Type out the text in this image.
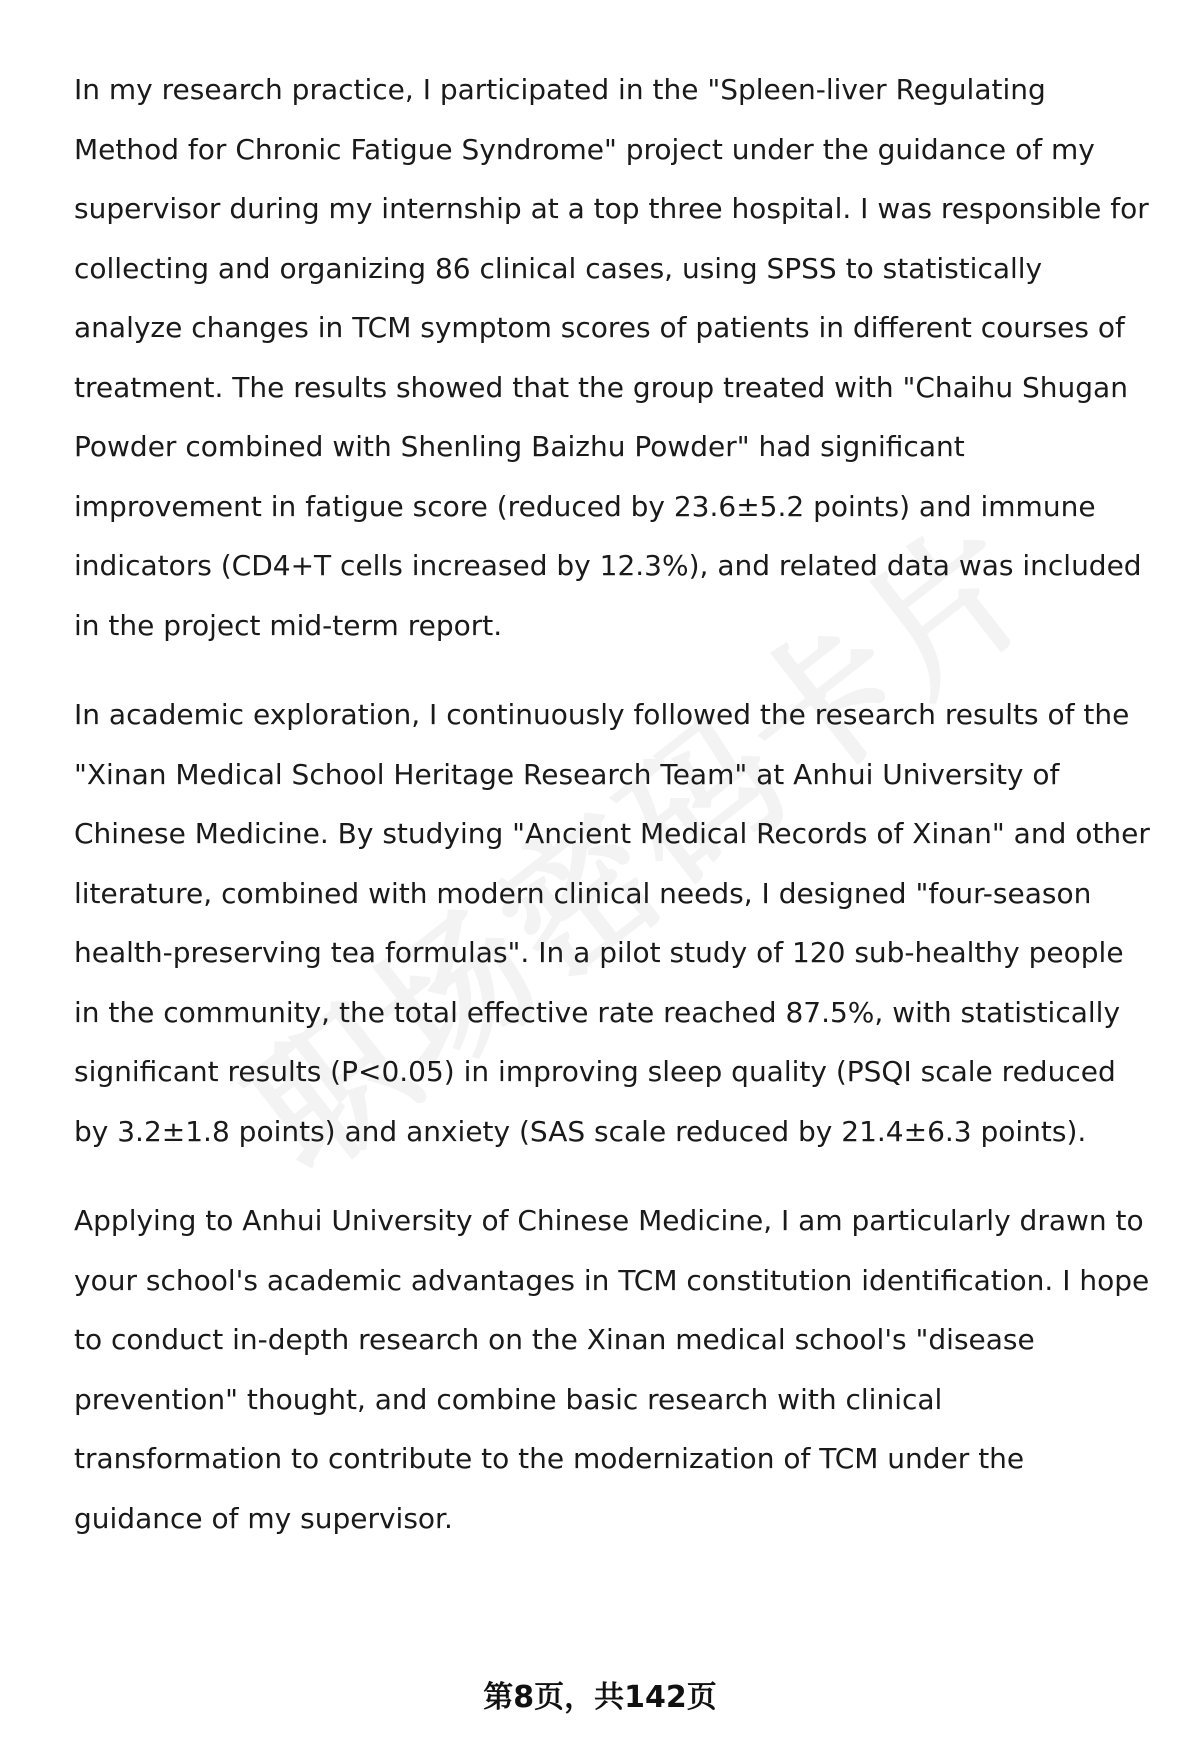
In my research practice, I participated in the "Spleen-liver Regulating Method for Chronic Fatigue Syndrome" project under the guidance of my supervisor during my internship at a top three hospital. I was responsible for collecting and organizing 86 clinical cases, using SPSS to statistically analyze changes in TCM symptom scores of patients in different courses of treatment. The results showed that the group treated with "Chaihu Shugan Powder combined with Shenling Baizhu Powder" had significant improvement in fatigue score (reduced by 23.6±5.2 points) and immune indicators (CD4+T cells increased by 12.3%), and related data was included in the project mid-term report.

In academic exploration, I continuously followed the research results of the "Xinan Medical School Heritage Research Team" at Anhui University of Chinese Medicine. By studying "Ancient Medical Records of Xinan" and other literature, combined with modern clinical needs, I designed "four-season health-preserving tea formulas". In a pilot study of 120 sub-healthy people in the community, the total effective rate reached 87.5%, with statistically significant results (P<0.05) in improving sleep quality (PSQI scale reduced by 3.2±1.8 points) and anxiety (SAS scale reduced by 21.4±6.3 points).

Applying to Anhui University of Chinese Medicine, I am particularly drawn to your school's academic advantages in TCM constitution identification. I hope to conduct in-depth research on the Xinan medical school's "disease prevention" thought, and combine basic research with clinical transformation to contribute to the modernization of TCM under the guidance of my supervisor.

第8页，共142页
